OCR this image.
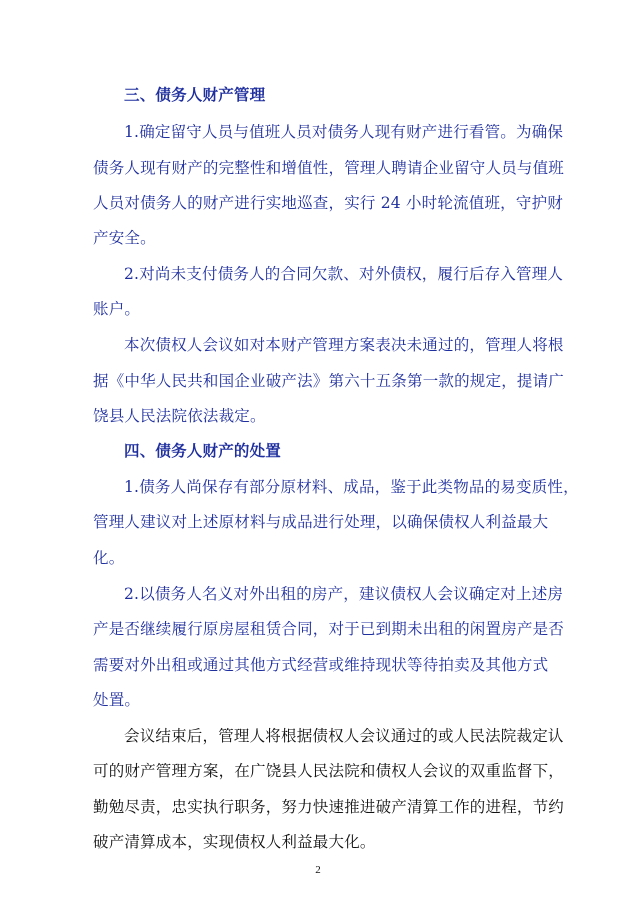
三、债务人财产管理
1.确定留守人员与值班人员对债务人现有财产进行看管。为确保
债务人现有财产的完整性和增值性，管理人聘请企业留守人员与值班
人员对债务人的财产进行实地巡查，实行 24 小时轮流值班，守护财
产安全。
2.对尚未支付债务人的合同欠款、对外债权，履行后存入管理人
账户。
本次债权人会议如对本财产管理方案表决未通过的，管理人将根
据《中华人民共和国企业破产法》第六十五条第一款的规定，提请广
饶县人民法院依法裁定。
四、债务人财产的处置
1.债务人尚保存有部分原材料、成品，鉴于此类物品的易变质性，
管理人建议对上述原材料与成品进行处理，以确保债权人利益最大
化。
2.以债务人名义对外出租的房产，建议债权人会议确定对上述房
产是否继续履行原房屋租赁合同，对于已到期未出租的闲置房产是否
需要对外出租或通过其他方式经营或维持现状等待拍卖及其他方式
处置。
会议结束后，管理人将根据债权人会议通过的或人民法院裁定认
可的财产管理方案，在广饶县人民法院和债权人会议的双重监督下，
勤勉尽责，忠实执行职务，努力快速推进破产清算工作的进程，节约
破产清算成本，实现债权人利益最大化。
2
